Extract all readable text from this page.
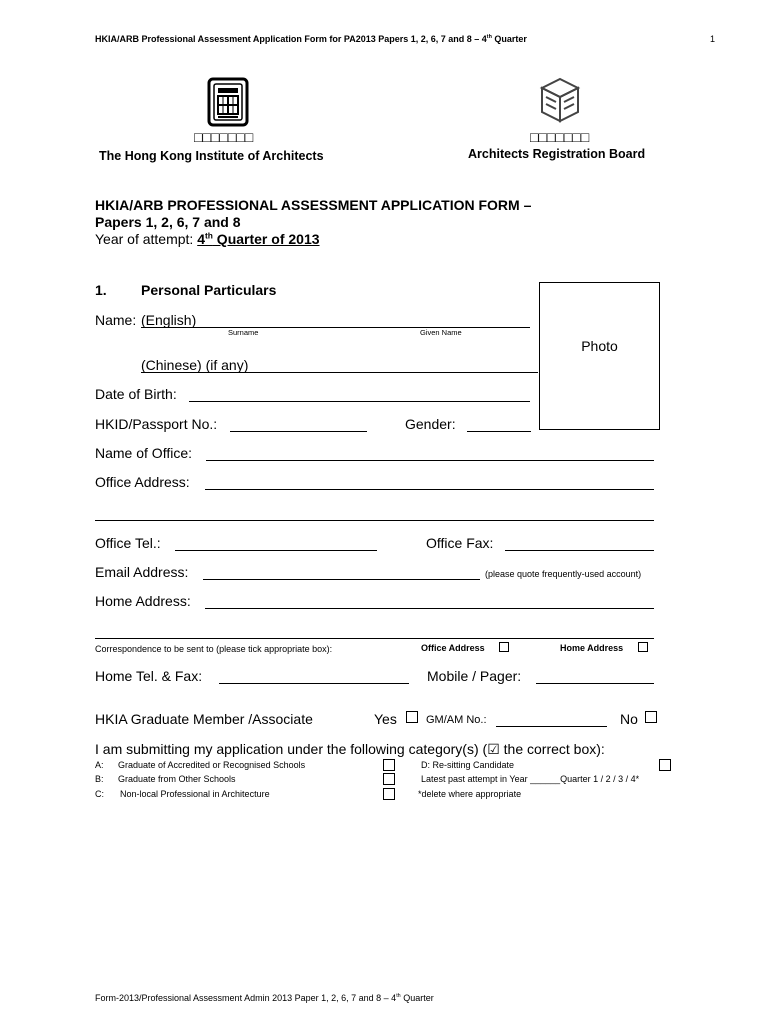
HKIA/ARB Professional Assessment Application Form for PA2013 Papers 1, 2, 6, 7 and 8 – 4th Quarter	1
□□□□□□□
The Hong Kong Institute of Architects
□□□□□□□
Architects Registration Board
HKIA/ARB PROFESSIONAL ASSESSMENT APPLICATION FORM –
Papers 1, 2, 6, 7 and 8
Year of attempt: 4th Quarter of 2013
1. Personal Particulars
Photo
Name: (English)
Surname	Given Name
(Chinese) (if any)
Date of Birth:
HKID/Passport No.:	Gender:
Name of Office:
Office Address:
Office Tel.:	Office Fax:
Email Address:	(please quote frequently-used account)
Home Address:
Correspondence to be sent to (please tick appropriate box):	Office Address	Home Address
Home Tel. & Fax:	Mobile / Pager:
HKIA Graduate Member /Associate	Yes	GM/AM No.:	No
I am submitting my application under the following category(s) (☑ the correct box):
A: Graduate of Accredited or Recognised Schools
B: Graduate from Other Schools
C: Non-local Professional in Architecture
D: Re-sitting Candidate
Latest past attempt in Year ______Quarter 1 / 2 / 3 / 4*
*delete where appropriate
Form-2013/Professional Assessment Admin 2013 Paper 1, 2, 6, 7 and 8 – 4th Quarter
